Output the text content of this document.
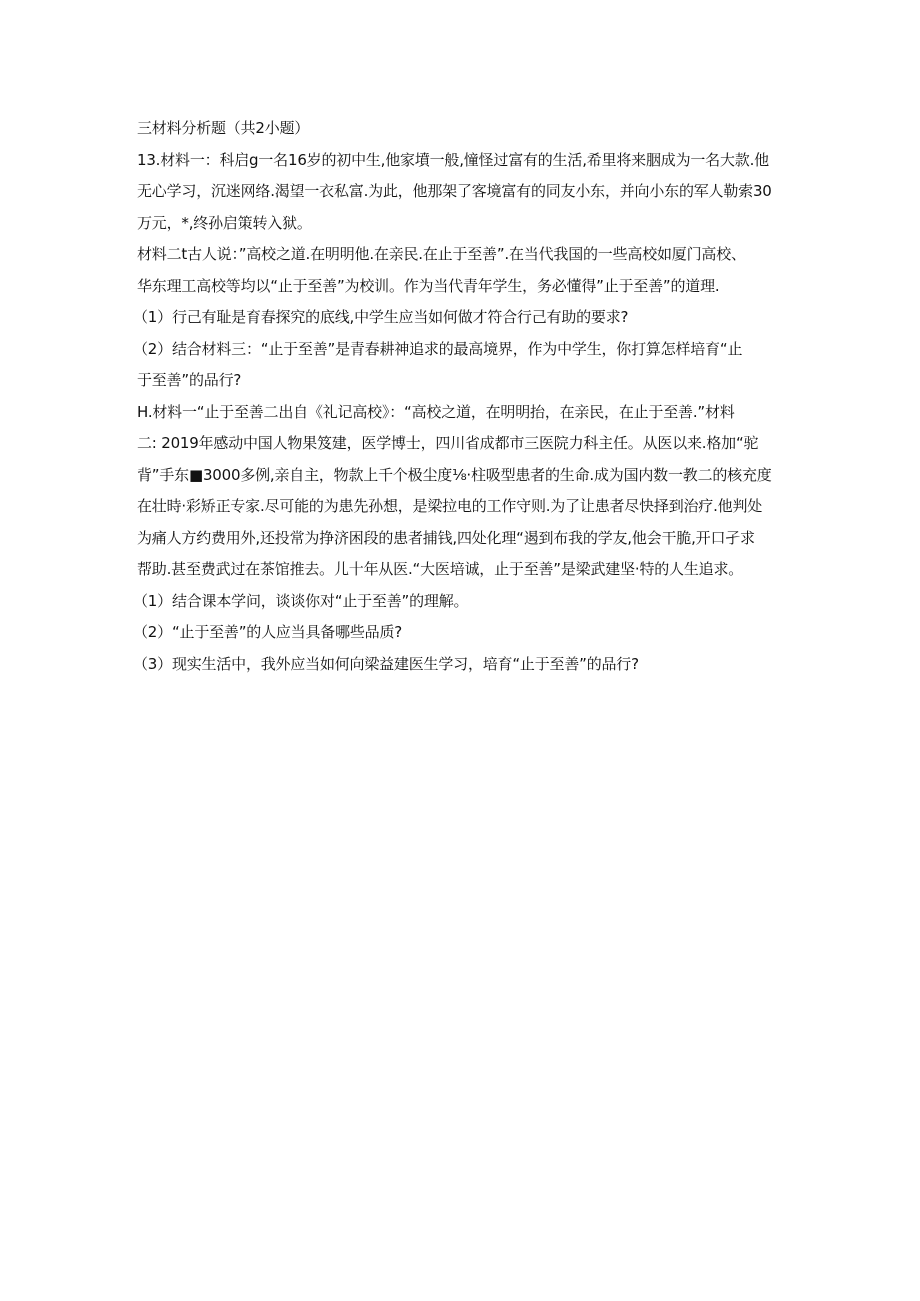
三材料分析题（共2小题）
13.材料一：科启g一名16岁的初中生,他家墳一般,憧怪过富有的生活,希里将来胭成为一名大款.他
无心学习，沉迷网络.渴望一衣私富.为此，他那架了客境富有的同友小东，并向小东的军人勒索30
万元，*,终孙启策转入狱。
材料二t古人说：”高校之道.在明明他.在亲民.在止于至善”.在当代我国的一些高校如厦门高校、
华东理工高校等均以“止于至善”为校训。作为当代青年学生，务必懂得”止于至善”的道理.
（1）行己有耻是育春探究的底线,中学生应当如何做才符合行己有助的要求?
（2）结合材料三：“止于至善”是青春耕神追求的最高境界，作为中学生，你打算怎样培育“止
于至善”的品行?
H.材料一“止于至善二出自《礼记高校》：“高校之道，在明明抬，在亲民，在止于至善.”材料
二: 2019年感动中国人物果笈建，医学博士，四川省成都市三医院力科主任。从医以来.格加“驼
背”手东■3000多例,亲自主，物款上千个极尘度⅛·柱吸型患者的生命.成为国内数一教二的核充度
在壮時·彩矫正专家.尽可能的为患先孙想，是梁拉电的工作守则.为了让患者尽快择到治疗.他判处
为痛人方约费用外,还投常为挣济困段的患者捕钱,四处化理“遏到布我的学友,他会干脆,开口孑求
帮助.甚至费武过在茶馆推去。儿十年从医.“大医培诚，止于至善”是梁武建坚·特的人生追求。
（1）结合课本学问，谈谈你对“止于至善”的理解。
（2）“止于至善”的人应当具备哪些品质?
（3）现实生活中，我外应当如何向梁益建医生学习，培育“止于至善”的品行?
